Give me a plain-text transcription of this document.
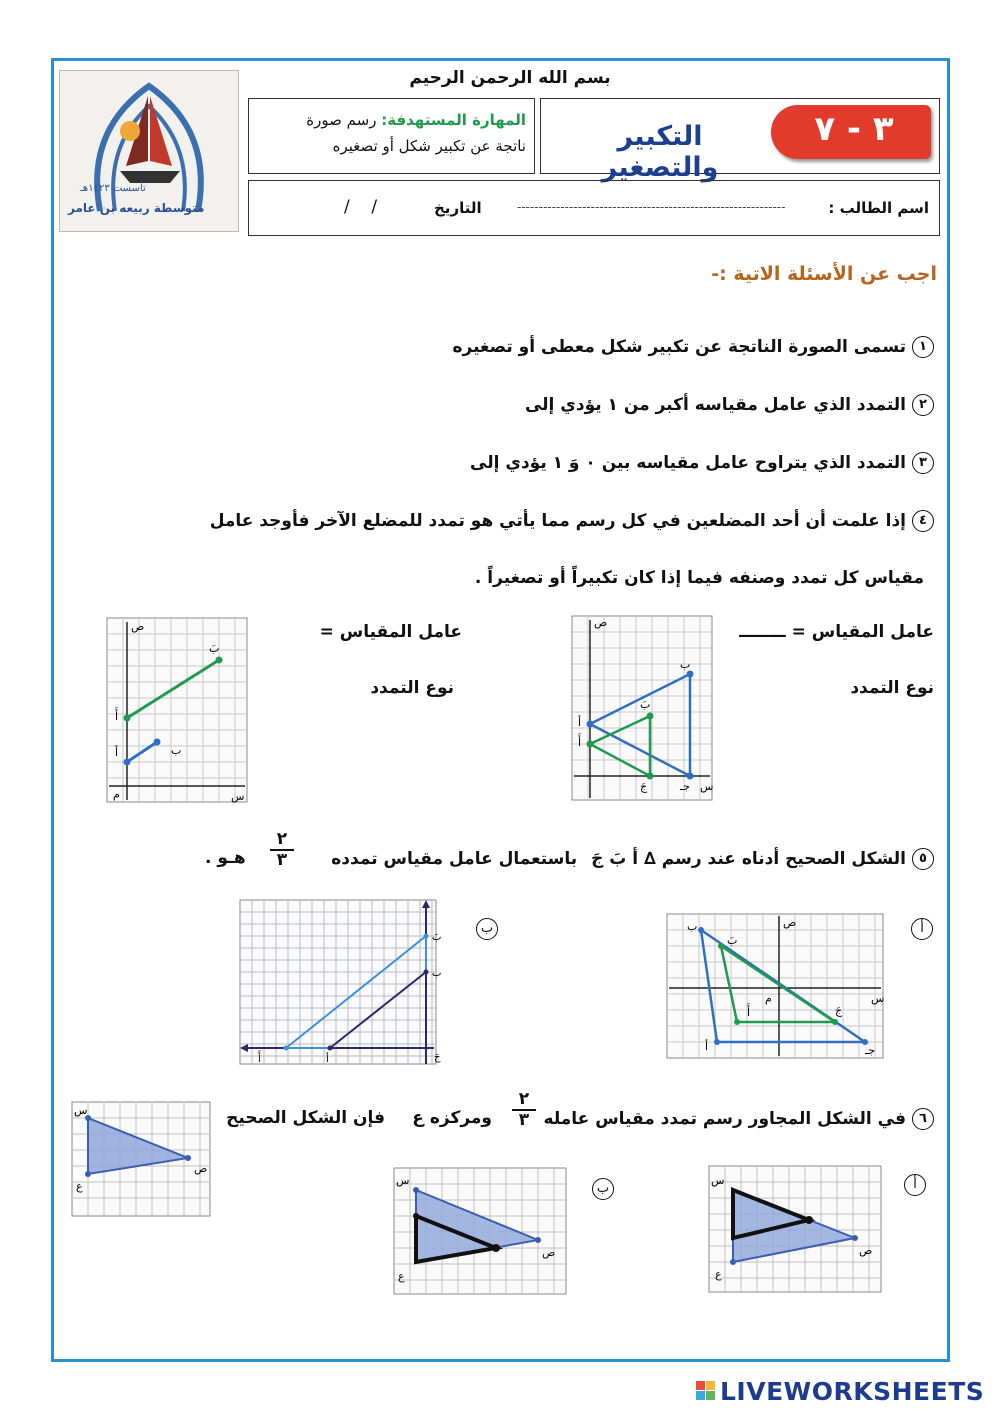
تأسست ١٤٢٣هـ
متوسطة ربيعه بن عامر
بسم الله الرحمن الرحيم
٣ - ٧
التكبير والتصغير
المهارة المستهدفة: رسم صورة
ناتجة عن تكبير شكل أو تصغيره
اسم الطالب :
--------------------------------------------------------------
التاريخ
/    /
اجب عن الأسئلة الاتية :-
١تسمى الصورة الناتجة عن تكبير شكل معطى أو تصغيره
٢التمدد الذي عامل مقياسه أكبر من ١ يؤدي إلى
٣التمدد الذي يتراوح عامل مقياسه بين ٠ وَ ١ يؤدي إلى
٤إذا علمت أن أحد المضلعين في كل رسم مما يأتي هو تمدد للمضلع الآخر فأوجد عامل
مقياس كل تمدد وصنفه فيما إذا كان تكبيراً أو تصغيراً .
عامل المقياس = ــــــــ
نوع التمدد
عامل المقياس =
نوع التمدد
ص
ب
بَ
أ
أَ
جَ	جـ س
ص
بَ
أَ
ب
أ
م	س
٥الشكل الصحيح أدناه عند رسم ∆ أ بَ جَ باستعمال عامل مقياس تمدده
٢
٣
هـو .
أ
ب
بَ
ص
م	س
أَ	جَ
أ	جـ
ب
بَ
ب
أَ	أ	جَ
٦في الشكل المجاور رسم تمدد مقياس عامله
٢
٣
ومركزه ع
فإن الشكل الصحيح
س
ص
ع	أ
س
ص
ع
ب
س
ص
ع
LIVEWORKSHEETS
